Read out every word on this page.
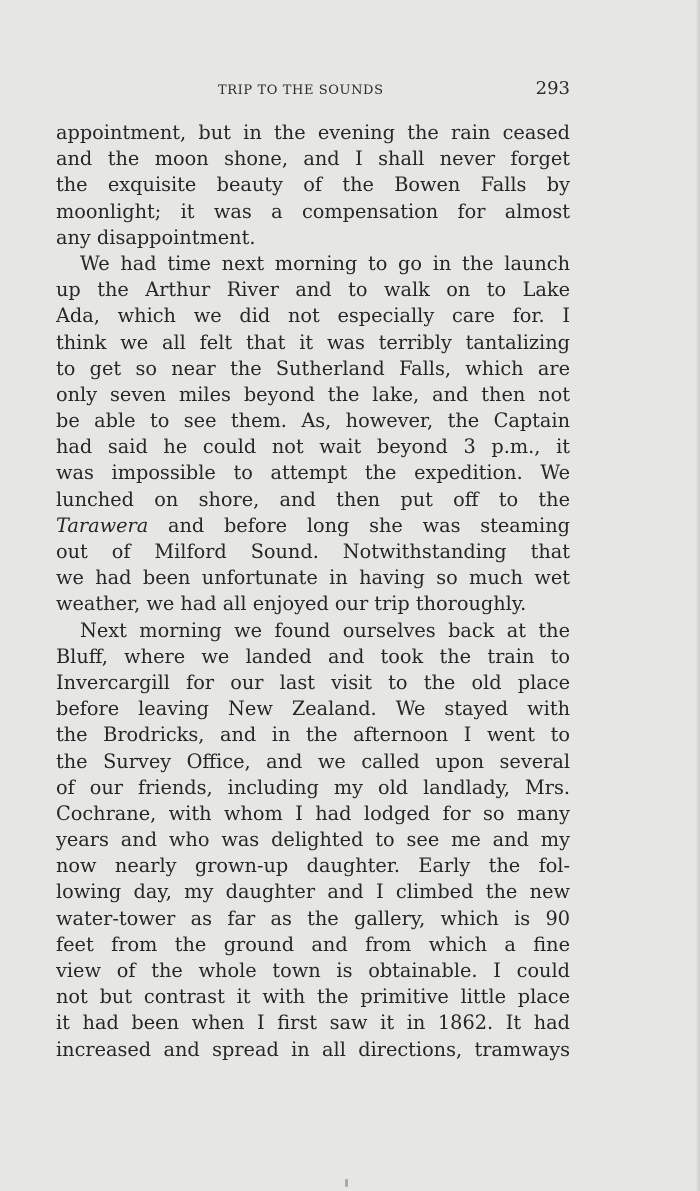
TRIP TO THE SOUNDS	293
appointment, but in the evening the rain ceased
and the moon shone, and I shall never forget
the exquisite beauty of the Bowen Falls by
moonlight; it was a compensation for almost
any disappointment.
We had time next morning to go in the launch
up the Arthur River and to walk on to Lake
Ada, which we did not especially care for. I
think we all felt that it was terribly tantalizing
to get so near the Sutherland Falls, which are
only seven miles beyond the lake, and then not
be able to see them. As, however, the Captain
had said he could not wait beyond 3 p.m., it
was impossible to attempt the expedition. We
lunched on shore, and then put off to the
Tarawera and before long she was steaming
out of Milford Sound. Notwithstanding that
we had been unfortunate in having so much wet
weather, we had all enjoyed our trip thoroughly.
Next morning we found ourselves back at the
Bluff, where we landed and took the train to
Invercargill for our last visit to the old place
before leaving New Zealand. We stayed with
the Brodricks, and in the afternoon I went to
the Survey Office, and we called upon several
of our friends, including my old landlady, Mrs.
Cochrane, with whom I had lodged for so many
years and who was delighted to see me and my
now nearly grown-up daughter. Early the fol-
lowing day, my daughter and I climbed the new
water-tower as far as the gallery, which is 90
feet from the ground and from which a fine
view of the whole town is obtainable. I could
not but contrast it with the primitive little place
it had been when I first saw it in 1862. It had
increased and spread in all directions, tramways
